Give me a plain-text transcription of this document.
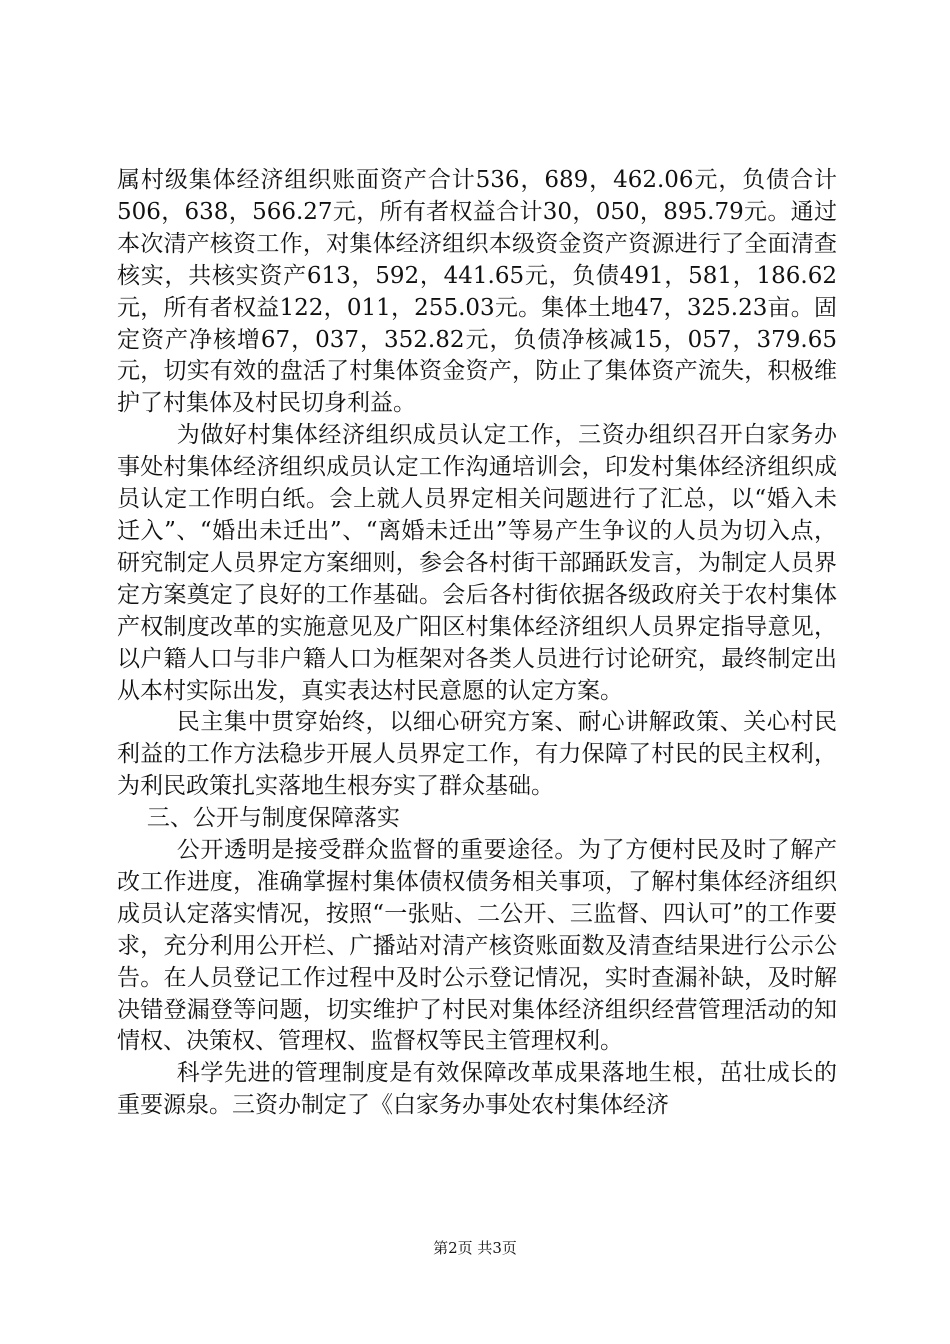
属村级集体经济组织账面资产合计536，689，462.06元，负债合计506，638，566.27元，所有者权益合计30，050，895.79元。通过本次清产核资工作，对集体经济组织本级资金资产资源进行了全面清查核实，共核实资产613，592，441.65元，负债491，581，186.62元，所有者权益122，011，255.03元。集体土地47，325.23亩。固定资产净核增67，037，352.82元，负债净核减15，057，379.65元，切实有效的盘活了村集体资金资产，防止了集体资产流失，积极维护了村集体及村民切身利益。

为做好村集体经济组织成员认定工作，三资办组织召开白家务办事处村集体经济组织成员认定工作沟通培训会，印发村集体经济组织成员认定工作明白纸。会上就人员界定相关问题进行了汇总，以“婚入未迁入”、“婚出未迁出”、“离婚未迁出”等易产生争议的人员为切入点，研究制定人员界定方案细则，参会各村街干部踊跃发言，为制定人员界定方案奠定了良好的工作基础。会后各村街依据各级政府关于农村集体产权制度改革的实施意见及广阳区村集体经济组织人员界定指导意见，以户籍人口与非户籍人口为框架对各类人员进行讨论研究，最终制定出从本村实际出发，真实表达村民意愿的认定方案。

民主集中贯穿始终，以细心研究方案、耐心讲解政策、关心村民利益的工作方法稳步开展人员界定工作，有力保障了村民的民主权利，为利民政策扎实落地生根夯实了群众基础。

三、公开与制度保障落实

公开透明是接受群众监督的重要途径。为了方便村民及时了解产改工作进度，准确掌握村集体债权债务相关事项，了解村集体经济组织成员认定落实情况，按照“一张贴、二公开、三监督、四认可”的工作要求，充分利用公开栏、广播站对清产核资账面数及清查结果进行公示公告。在人员登记工作过程中及时公示登记情况，实时查漏补缺，及时解决错登漏登等问题，切实维护了村民对集体经济组织经营管理活动的知情权、决策权、管理权、监督权等民主管理权利。

科学先进的管理制度是有效保障改革成果落地生根，茁壮成长的重要源泉。三资办制定了《白家务办事处农村集体经济

第2页 共3页
